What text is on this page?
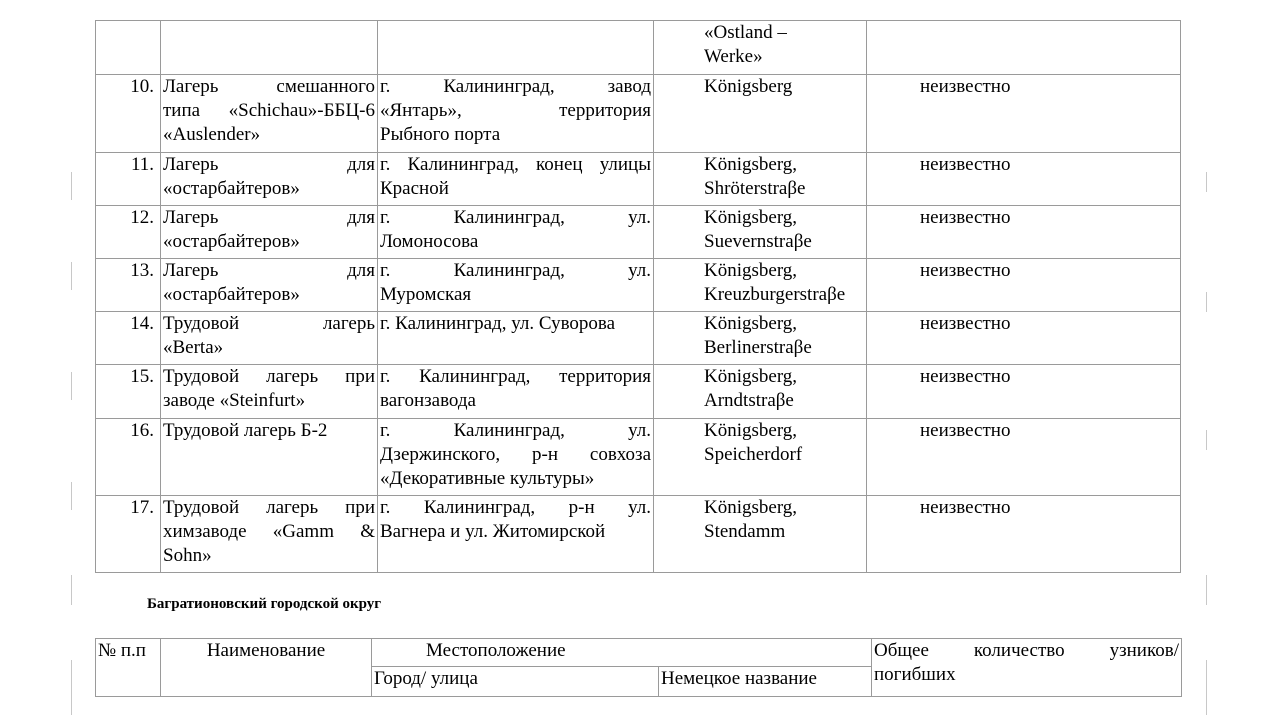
			«Ostland –
Werke»	

10.	Лагерь смешанного
типа «Schichau»-ББЦ-6
«Auslender»	г. Калининград, завод
«Янтарь», территория
Рыбного порта	Königsberg	неизвестно
11.	Лагерь для
«остарбайтеров»	г. Калининград, конец улицы
Красной	Königsberg,
Shröterstraβe	неизвестно
12.	Лагерь для
«остарбайтеров»	г. Калининград, ул.
Ломоносова	Königsberg,
Suevernstraβe	неизвестно
13.	Лагерь для
«остарбайтеров»	г. Калининград, ул.
Муромская	Königsberg,
Kreuzburgerstraβe	неизвестно
14.	Трудовой лагерь
«Berta»	г. Калининград, ул. Суворова	Königsberg,
Berlinerstraβe	неизвестно
15.	Трудовой лагерь при
заводе «Steinfurt»	г. Калининград, территория
вагонзавода	Königsberg,
Arndtstraβe	неизвестно
16.	Трудовой лагерь Б-2	г. Калининград, ул.
Дзержинского, р-н совхоза
«Декоративные культуры»	Königsberg,
Speicherdorf	неизвестно
17.	Трудовой лагерь при
химзаводе «Gamm &
Sohn»	г. Калининград, р-н ул.
Вагнера и ул. Житомирской	Königsberg,
Stendamm	неизвестно
Багратионовский городской округ
№ п.п	Наименование	Местоположение		Общее количество узников/
погибших

		Город/ улица	Немецкое название	
